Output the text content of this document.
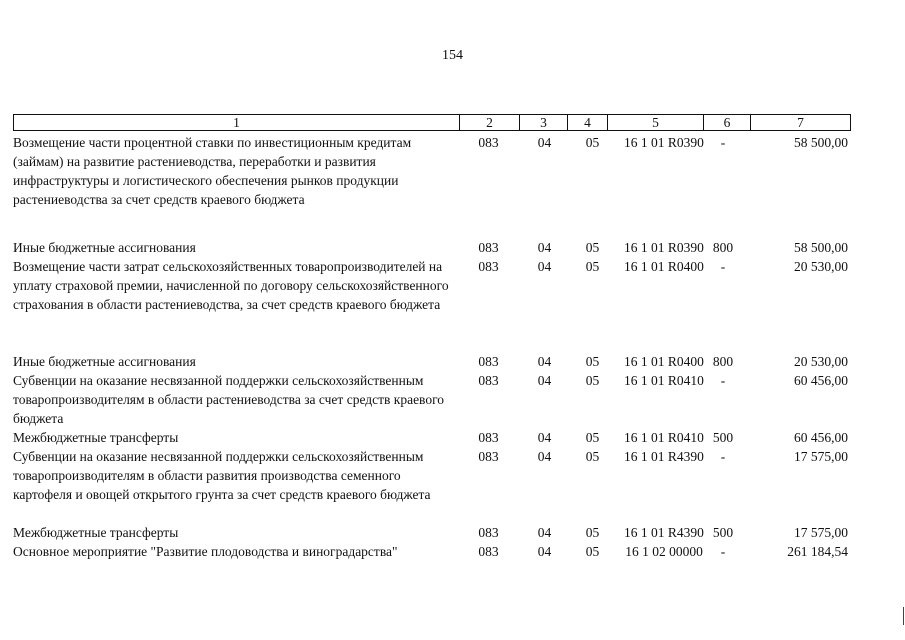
154
1	2	3	4	5	6	7
Возмещение части процентной ставки по инвестиционным кредитам (займам) на развитие растениеводства, переработки и развития инфраструктуры и логистического обеспечения рынков продукции растениеводства за счет средств краевого бюджета
083	04	05	16 1 01 R0390	-	58 500,00
Иные бюджетные ассигнования	083	04	05	16 1 01 R0390 800	58 500,00
Возмещение части затрат сельскохозяйственных товаропроизводителей на уплату страховой премии, начисленной по договору сельскохозяйственного страхования в области растениеводства, за счет средств краевого бюджета
083	04	05	16 1 01 R0400	-	20 530,00
Иные бюджетные ассигнования	083	04	05	16 1 01 R0400 800	20 530,00
Субвенции на оказание несвязанной поддержки сельскохозяйственным товаропроизводителям в области растениеводства за счет средств краевого бюджета
083	04	05	16 1 01 R0410	-	60 456,00
Межбюджетные трансферты	083	04	05	16 1 01 R0410 500	60 456,00
Субвенции на оказание несвязанной поддержки сельскохозяйственным товаропроизводителям в области развития производства семенного картофеля и овощей открытого грунта за счет средств краевого бюджета
083	04	05	16 1 01 R4390	-	17 575,00
Межбюджетные трансферты	083	04	05	16 1 01 R4390 500	17 575,00
Основное мероприятие "Развитие плодоводства и виноградарства"	083	04	05	16 1 02 00000	-	261 184,54
